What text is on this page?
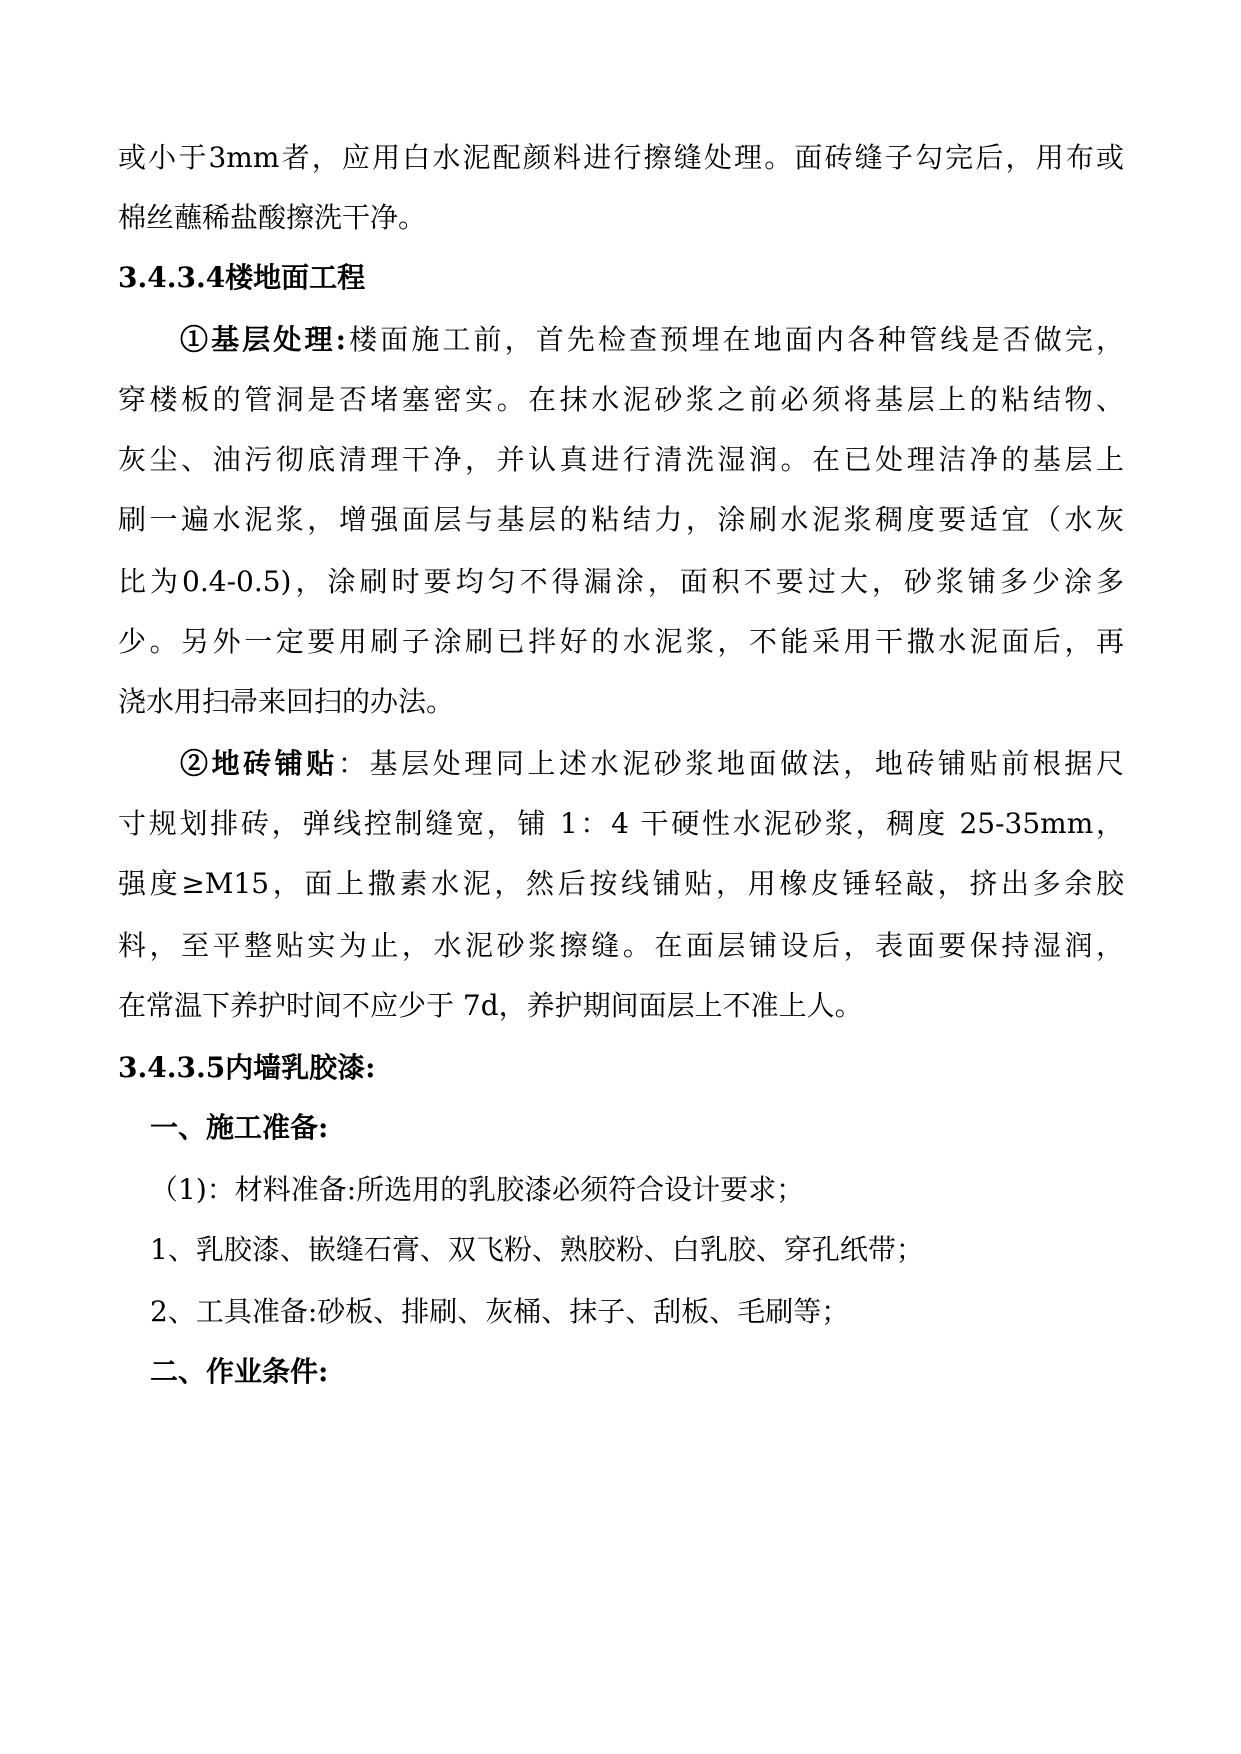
或小于3mm者，应用白水泥配颜料进行擦缝处理。面砖缝子勾完后，用布或
棉丝蘸稀盐酸擦洗干净。
3.4.3.4楼地面工程
①基层处理:楼面施工前，首先检查预埋在地面内各种管线是否做完，
穿楼板的管洞是否堵塞密实。在抹水泥砂浆之前必须将基层上的粘结物、
灰尘、油污彻底清理干净，并认真进行清洗湿润。在已处理洁净的基层上
刷一遍水泥浆，增强面层与基层的粘结力，涂刷水泥浆稠度要适宜（水灰
比为0.4-0.5)，涂刷时要均匀不得漏涂，面积不要过大，砂浆铺多少涂多
少。另外一定要用刷子涂刷已拌好的水泥浆，不能采用干撒水泥面后，再
浇水用扫帚来回扫的办法。
②地砖铺贴：基层处理同上述水泥砂浆地面做法，地砖铺贴前根据尺
寸规划排砖，弹线控制缝宽，铺 1：4 干硬性水泥砂浆，稠度 25-35mm，
强度≥M15，面上撒素水泥，然后按线铺贴，用橡皮锤轻敲，挤出多余胶
料，至平整贴实为止，水泥砂浆擦缝。在面层铺设后，表面要保持湿润，
在常温下养护时间不应少于 7d，养护期间面层上不准上人。
3.4.3.5内墙乳胶漆:
一、施工准备:
（1)：材料准备:所选用的乳胶漆必须符合设计要求；
1、乳胶漆、嵌缝石膏、双飞粉、熟胶粉、白乳胶、穿孔纸带；
2、工具准备:砂板、排刷、灰桶、抹子、刮板、毛刷等；
二、作业条件:
